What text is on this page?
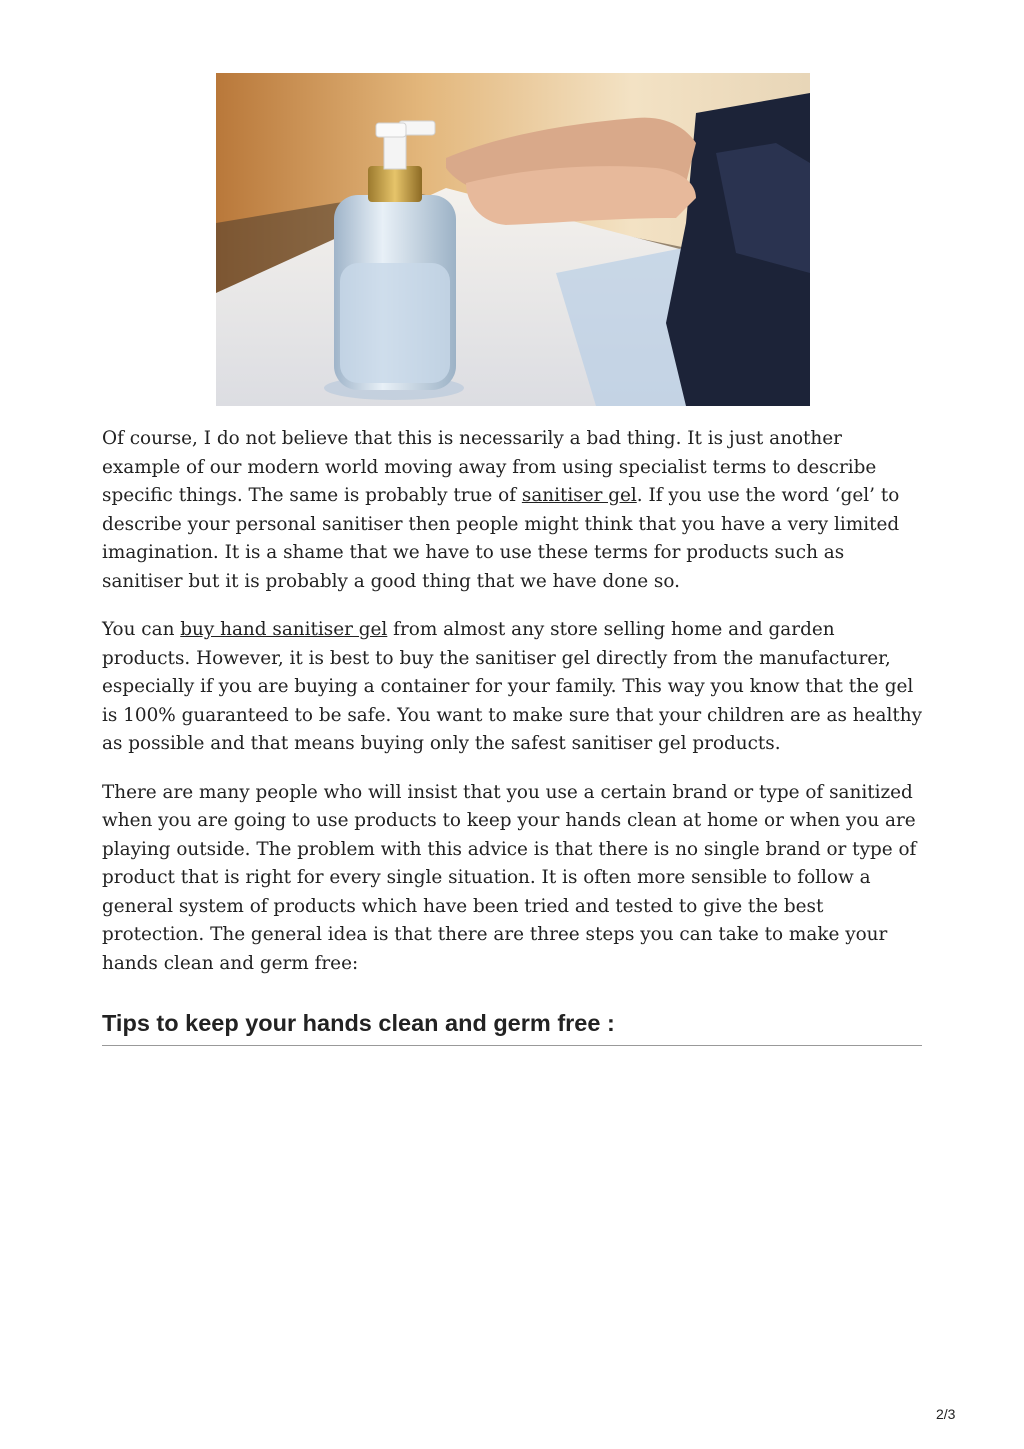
Of course, I do not believe that this is necessarily a bad thing. It is just another example of our modern world moving away from using specialist terms to describe specific things. The same is probably true of sanitiser gel. If you use the word ‘gel’ to describe your personal sanitiser then people might think that you have a very limited imagination. It is a shame that we have to use these terms for products such as sanitiser but it is probably a good thing that we have done so.

You can buy hand sanitiser gel from almost any store selling home and garden products. However, it is best to buy the sanitiser gel directly from the manufacturer, especially if you are buying a container for your family. This way you know that the gel is 100% guaranteed to be safe. You want to make sure that your children are as healthy as possible and that means buying only the safest sanitiser gel products.

There are many people who will insist that you use a certain brand or type of sanitized when you are going to use products to keep your hands clean at home or when you are playing outside. The problem with this advice is that there is no single brand or type of product that is right for every single situation. It is often more sensible to follow a general system of products which have been tried and tested to give the best protection. The general idea is that there are three steps you can take to make your hands clean and germ free:

Tips to keep your hands clean and germ free :
2/3
